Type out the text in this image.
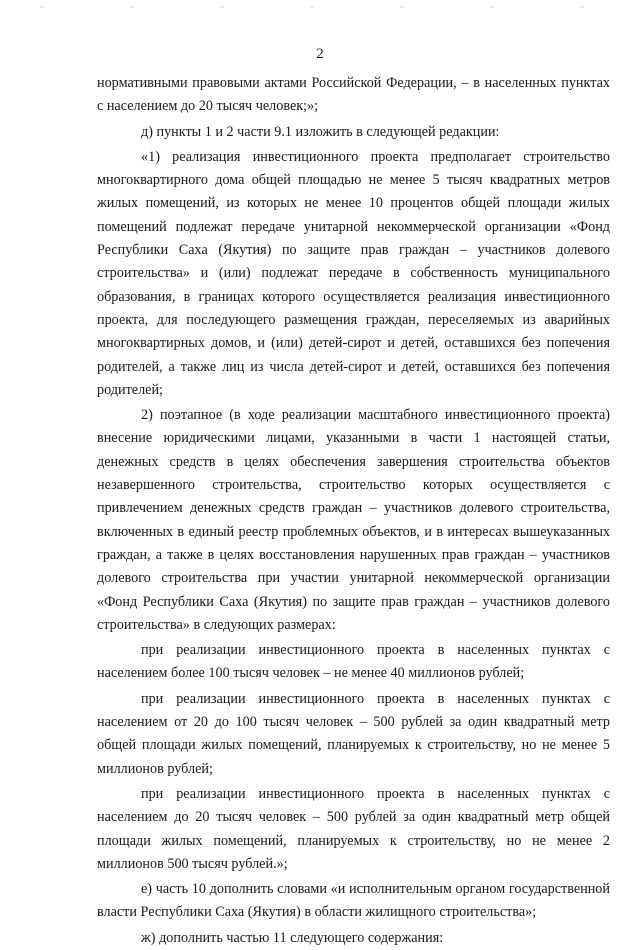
2

нормативными правовыми актами Российской Федерации, – в населенных пунктах с населением до 20 тысяч человек;»;

д) пункты 1 и 2 части 9.1 изложить в следующей редакции:

«1) реализация инвестиционного проекта предполагает строительство многоквартирного дома общей площадью не менее 5 тысяч квадратных метров жилых помещений, из которых не менее 10 процентов общей площади жилых помещений подлежат передаче унитарной некоммерческой организации «Фонд Республики Саха (Якутия) по защите прав граждан – участников долевого строительства» и (или) подлежат передаче в собственность муниципального образования, в границах которого осуществляется реализация инвестиционного проекта, для последующего размещения граждан, переселяемых из аварийных многоквартирных домов, и (или) детей-сирот и детей, оставшихся без попечения родителей, а также лиц из числа детей-сирот и детей, оставшихся без попечения родителей;

2) поэтапное (в ходе реализации масштабного инвестиционного проекта) внесение юридическими лицами, указанными в части 1 настоящей статьи, денежных средств в целях обеспечения завершения строительства объектов незавершенного строительства, строительство которых осуществляется с привлечением денежных средств граждан – участников долевого строительства, включенных в единый реестр проблемных объектов, и в интересах вышеуказанных граждан, а также в целях восстановления нарушенных прав граждан – участников долевого строительства при участии унитарной некоммерческой организации «Фонд Республики Саха (Якутия) по защите прав граждан – участников долевого строительства» в следующих размерах:

при реализации инвестиционного проекта в населенных пунктах с населением более 100 тысяч человек – не менее 40 миллионов рублей;

при реализации инвестиционного проекта в населенных пунктах с населением от 20 до 100 тысяч человек – 500 рублей за один квадратный метр общей площади жилых помещений, планируемых к строительству, но не менее 5 миллионов рублей;

при реализации инвестиционного проекта в населенных пунктах с населением до 20 тысяч человек – 500 рублей за один квадратный метр общей площади жилых помещений, планируемых к строительству, но не менее 2 миллионов 500 тысяч рублей.»;

е) часть 10 дополнить словами «и исполнительным органом государственной власти Республики Саха (Якутия) в области жилищного строительства»;

ж) дополнить частью 11 следующего содержания:
